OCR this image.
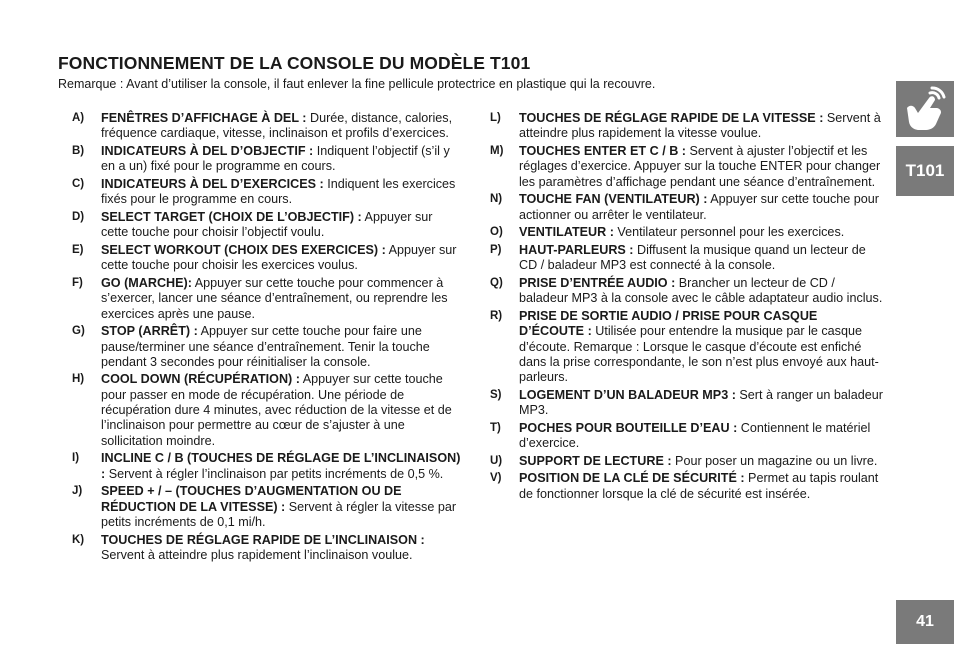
FONCTIONNEMENT DE LA CONSOLE DU MODÈLE T101
Remarque : Avant d’utiliser la console, il faut enlever la fine pellicule protectrice en plastique qui la recouvre.
A)	FENÊTRES D’AFFICHAGE À DEL : Durée, distance, calories, fréquence cardiaque, vitesse, inclinaison et profils d’exercices.
B)	INDICATEURS À DEL D’OBJECTIF : Indiquent l’objectif (s’il y en a un) fixé pour le programme en cours.
C)	INDICATEURS À DEL D’EXERCICES : Indiquent les exercices fixés pour le programme en cours.
D)	SELECT TARGET (CHOIX DE L’OBJECTIF) : Appuyer sur cette touche pour choisir l’objectif voulu.
E)	SELECT WORKOUT (CHOIX DES EXERCICES) : Appuyer sur cette touche pour choisir les exercices voulus.
F)	GO (MARCHE): Appuyer sur cette touche pour commencer à s’exercer, lancer une séance d’entraînement, ou reprendre les exercices après une pause.
G)	STOP (ARRÊT) : Appuyer sur cette touche pour faire une pause/terminer une séance d’entraînement. Tenir la touche pendant 3 secondes pour réinitialiser la console.
H)	COOL DOWN (RÉCUPÉRATION) : Appuyer sur cette touche pour passer en mode de récupération. Une période de récupération dure 4 minutes, avec réduction de la vitesse et de l’inclinaison pour permettre au cœur de s’ajuster à une sollicitation moindre.
I)	INCLINE C / B (TOUCHES DE RÉGLAGE DE L’INCLINAISON) : Servent à régler l’inclinaison par petits incréments de 0,5 %.
J)	SPEED + / – (TOUCHES D’AUGMENTATION OU DE RÉDUCTION DE LA VITESSE) : Servent à régler la vitesse par petits incréments de 0,1 mi/h.
K)	TOUCHES DE RÉGLAGE RAPIDE DE L’INCLINAISON : Servent à atteindre plus rapidement l’inclinaison voulue.
L)	TOUCHES DE RÉGLAGE RAPIDE DE LA VITESSE : Servent à atteindre plus rapidement la vitesse voulue.
M)	TOUCHES ENTER ET C / B : Servent à ajuster l’objectif et les réglages d’exercice. Appuyer sur la touche ENTER pour changer les paramètres d’affichage pendant une séance d’entraînement.
N)	TOUCHE FAN (VENTILATEUR) : Appuyer sur cette touche pour actionner ou arrêter le ventilateur.
O)	VENTILATEUR : Ventilateur personnel pour les exercices.
P)	HAUT-PARLEURS : Diffusent la musique quand un lecteur de CD / baladeur MP3 est connecté à la console.
Q)	PRISE D’ENTRÉE AUDIO : Brancher un lecteur de CD / baladeur MP3 à la console avec le câble adaptateur audio inclus.
R)	PRISE DE SORTIE AUDIO / PRISE POUR CASQUE D’ÉCOUTE : Utilisée pour entendre la musique par le casque d’écoute. Remarque : Lorsque le casque d’écoute est enfiché dans la prise correspondante, le son n’est plus envoyé aux haut-parleurs.
S)	LOGEMENT D’UN BALADEUR MP3 : Sert à ranger un baladeur MP3.
T)	POCHES POUR BOUTEILLE D’EAU : Contiennent le matériel d’exercice.
U)	SUPPORT DE LECTURE : Pour poser un magazine ou un livre.
V)	POSITION DE LA CLÉ DE SÉCURITÉ : Permet au tapis roulant de fonctionner lorsque la clé de sécurité est insérée.
T101
41
